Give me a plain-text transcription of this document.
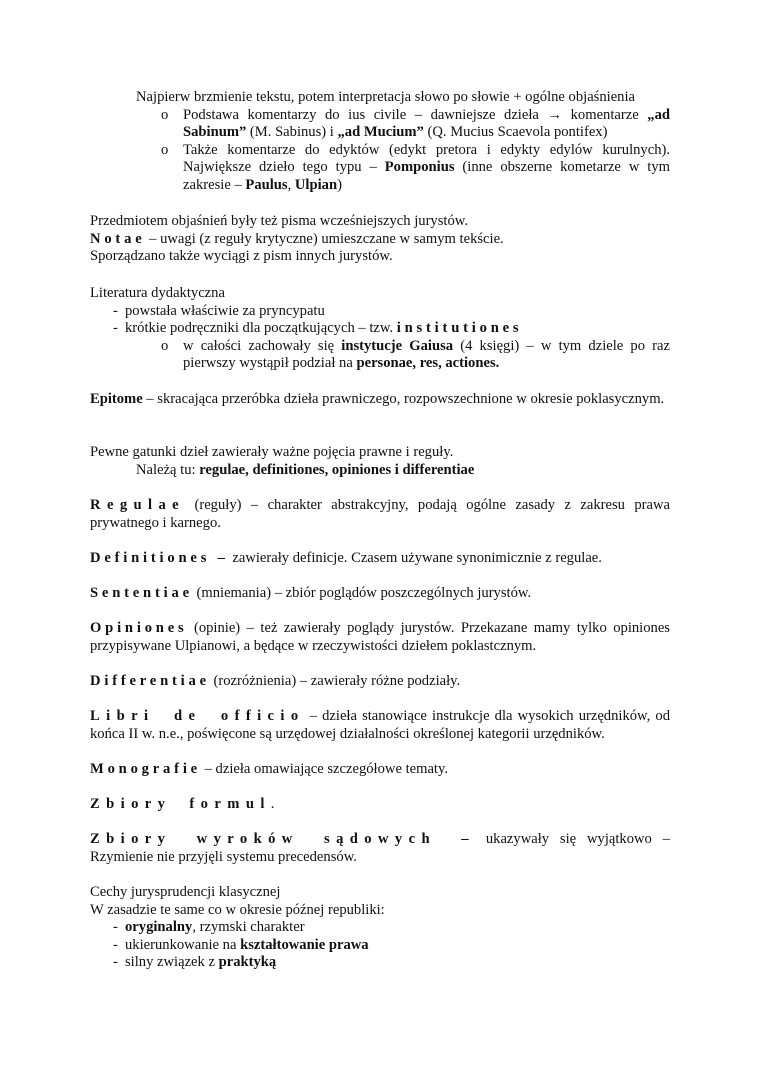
Najpierw brzmienie tekstu, potem interpretacja słowo po słowie + ogólne objaśnienia
o Podstawa komentarzy do ius civile – dawniejsze dzieła → komentarze „ad Sabinum” (M. Sabinus) i „ad Mucium” (Q. Mucius Scaevola pontifex)
o Także komentarze do edyktów (edykt pretora i edykty edylów kurulnych). Największe dzieło tego typu – Pomponius (inne obszerne kometarze w tym zakresie – Paulus, Ulpian)
Przedmiotem objaśnień były też pisma wcześniejszych jurystów.
Notae – uwagi (z reguły krytyczne) umieszczane w samym tekście.
Sporządzano także wyciągi z pism innych jurystów.
Literatura dydaktyczna
- powstała właściwie za pryncypatu
- krótkie podręczniki dla początkujących – tzw. institutiones
o w całości zachowały się instytucje Gaiusa (4 księgi) – w tym dziele po raz pierwszy wystąpił podział na personae, res, actiones.
Epitome – skracająca przeróbka dzieła prawniczego, rozpowszechnione w okresie poklasycznym.
Pewne gatunki dzieł zawierały ważne pojęcia prawne i reguły.
Należą tu: regulae, definitiones, opiniones i differentiae
Regulae (reguły) – charakter abstrakcyjny, podają ogólne zasady z zakresu prawa prywatnego i karnego.
Definitiones – zawierały definicje. Czasem używane synonimicznie z regulae.
Sententiae (mniemania) – zbiór poglądów poszczególnych jurystów.
Opiniones (opinie) – też zawierały poglądy jurystów. Przekazane mamy tylko opiniones przypisywane Ulpianowi, a będące w rzeczywistości dziełem poklastcznym.
Differentiae (rozróżnienia) – zawierały różne podziały.
Libri de officio – dzieła stanowiące instrukcje dla wysokich urzędników, od końca II w. n.e., poświęcone są urzędowej działalności określonej kategorii urzędników.
Monografie – dzieła omawiające szczegółowe tematy.
Zbiory formul.
Zbiory wyroków sądowych – ukazywały się wyjątkowo – Rzymienie nie przyjęli systemu precedensów.
Cechy jurysprudencji klasycznej
W zasadzie te same co w okresie późnej republiki:
- oryginalny, rzymski charakter
- ukierunkowanie na kształtowanie prawa
- silny związek z praktyką
